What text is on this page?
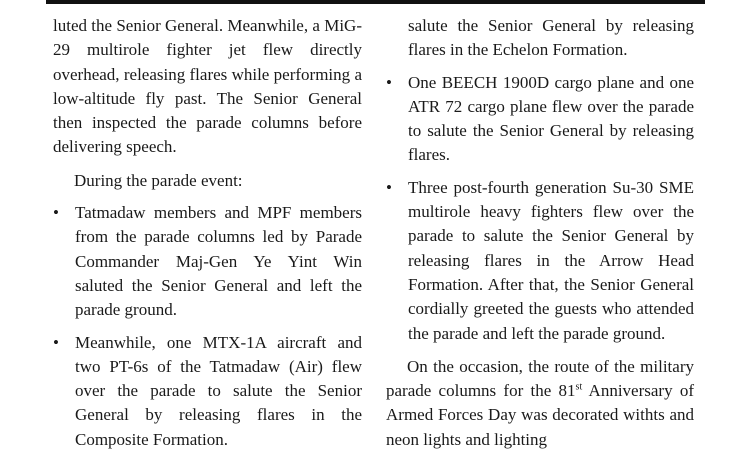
luted the Senior General. Meanwhile, a MiG-29 multirole fighter jet flew directly overhead, releasing flares while performing a low-altitude fly past. The Senior General then inspected the parade columns before delivering speech.

During the parade event:

• Tatmadaw members and MPF members from the parade columns led by Parade Commander Maj-Gen Ye Yint Win saluted the Senior General and left the parade ground.
• Meanwhile, one MTX-1A aircraft and two PT-6s of the Tatmadaw (Air) flew over the parade to salute the Senior General by releasing flares in the Composite Formation.

salute the Senior General by releasing flares in the Echelon Formation.

• One BEECH 1900D cargo plane and one ATR 72 cargo plane flew over the parade to salute the Senior General by releasing flares.
• Three post-fourth generation Su-30 SME multirole heavy fighters flew over the parade to salute the Senior General by releasing flares in the Arrow Head Formation. After that, the Senior General cordially greeted the guests who attended the parade and left the parade ground.

On the occasion, the route of the military parade columns for the 81st Anniversary of Armed Forces Day was decorated withts and neon lights and lighting
